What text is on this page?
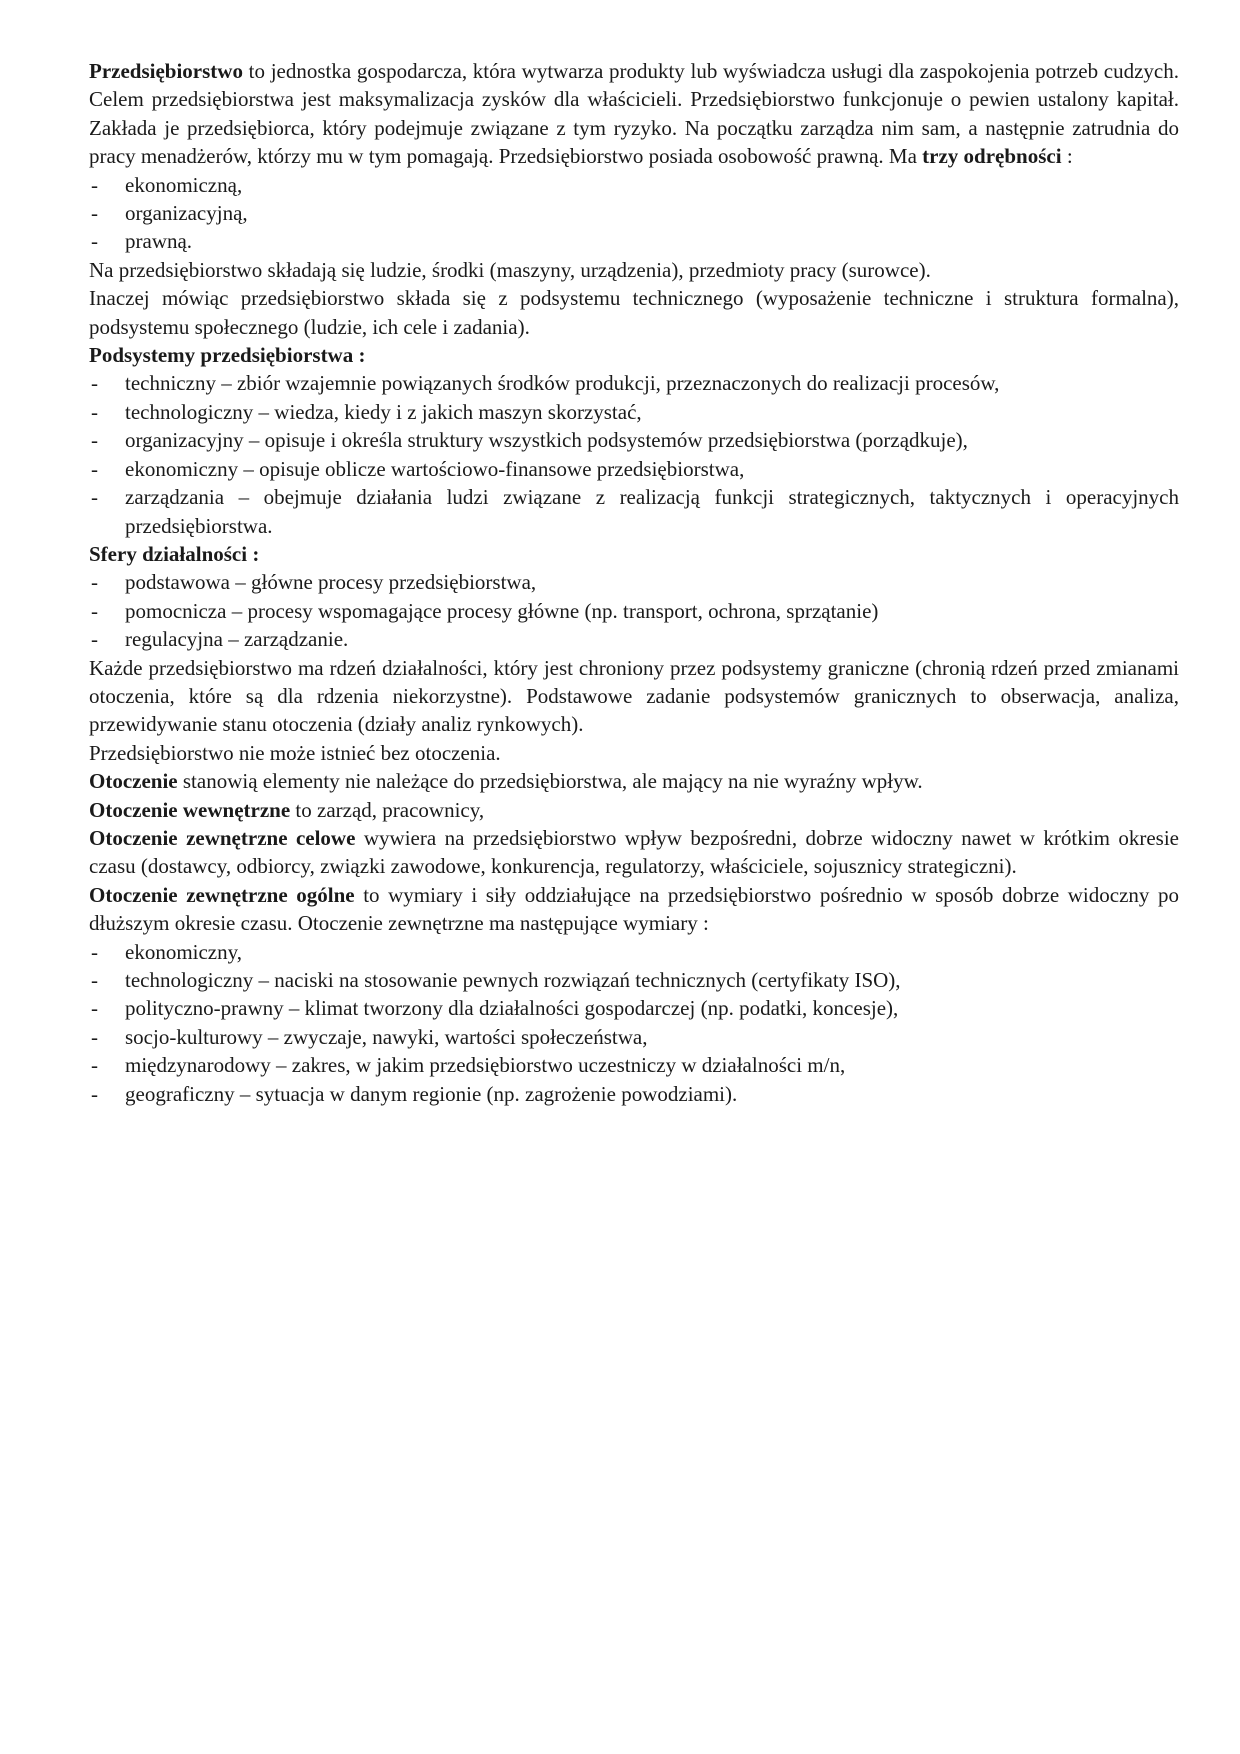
Przedsiębiorstwo to jednostka gospodarcza, która wytwarza produkty lub wyświadcza usługi dla zaspokojenia potrzeb cudzych. Celem przedsiębiorstwa jest maksymalizacja zysków dla właścicieli. Przedsiębiorstwo funkcjonuje o pewien ustalony kapitał. Zakłada je przedsiębiorca, który podejmuje związane z tym ryzyko. Na początku zarządza nim sam, a następnie zatrudnia do pracy menadżerów, którzy mu w tym pomagają. Przedsiębiorstwo posiada osobowość prawną. Ma trzy odrębności :

- ekonomiczną,
- organizacyjną,
- prawną.

Na przedsiębiorstwo składają się ludzie, środki (maszyny, urządzenia), przedmioty pracy (surowce).

Inaczej mówiąc przedsiębiorstwo składa się z podsystemu technicznego (wyposażenie techniczne i struktura formalna), podsystemu społecznego (ludzie, ich cele i zadania).

Podsystemy przedsiębiorstwa :

- techniczny – zbiór wzajemnie powiązanych środków produkcji, przeznaczonych do realizacji procesów,
- technologiczny – wiedza, kiedy i z jakich maszyn skorzystać,
- organizacyjny – opisuje i określa struktury wszystkich podsystemów przedsiębiorstwa (porządkuje),
- ekonomiczny – opisuje oblicze wartościowo-finansowe przedsiębiorstwa,
- zarządzania – obejmuje działania ludzi związane z realizacją funkcji strategicznych, taktycznych i operacyjnych przedsiębiorstwa.

Sfery działalności :

- podstawowa – główne procesy przedsiębiorstwa,
- pomocnicza – procesy wspomagające procesy główne (np. transport, ochrona, sprzątanie)
- regulacyjna – zarządzanie.

Każde przedsiębiorstwo ma rdzeń działalności, który jest chroniony przez podsystemy graniczne (chronią rdzeń przed zmianami otoczenia, które są dla rdzenia niekorzystne). Podstawowe zadanie podsystemów granicznych to obserwacja, analiza, przewidywanie stanu otoczenia (działy analiz rynkowych).

Przedsiębiorstwo nie może istnieć bez otoczenia.

Otoczenie stanowią elementy nie należące do przedsiębiorstwa, ale mający na nie wyraźny wpływ.

Otoczenie wewnętrzne to zarząd, pracownicy,

Otoczenie zewnętrzne celowe wywiera na przedsiębiorstwo wpływ bezpośredni, dobrze widoczny nawet w krótkim okresie czasu (dostawcy, odbiorcy, związki zawodowe, konkurencja, regulatorzy, właściciele, sojusznicy strategiczni).

Otoczenie zewnętrzne ogólne to wymiary i siły oddziałujące na przedsiębiorstwo pośrednio w sposób dobrze widoczny po dłuższym okresie czasu. Otoczenie zewnętrzne ma następujące wymiary :

- ekonomiczny,
- technologiczny – naciski na stosowanie pewnych rozwiązań technicznych (certyfikaty ISO),
- polityczno-prawny – klimat tworzony dla działalności gospodarczej (np. podatki, koncesje),
- socjo-kulturowy – zwyczaje, nawyki, wartości społeczeństwa,
- międzynarodowy – zakres, w jakim przedsiębiorstwo uczestniczy w działalności m/n,
- geograficzny – sytuacja w danym regionie (np. zagrożenie powodziami).
